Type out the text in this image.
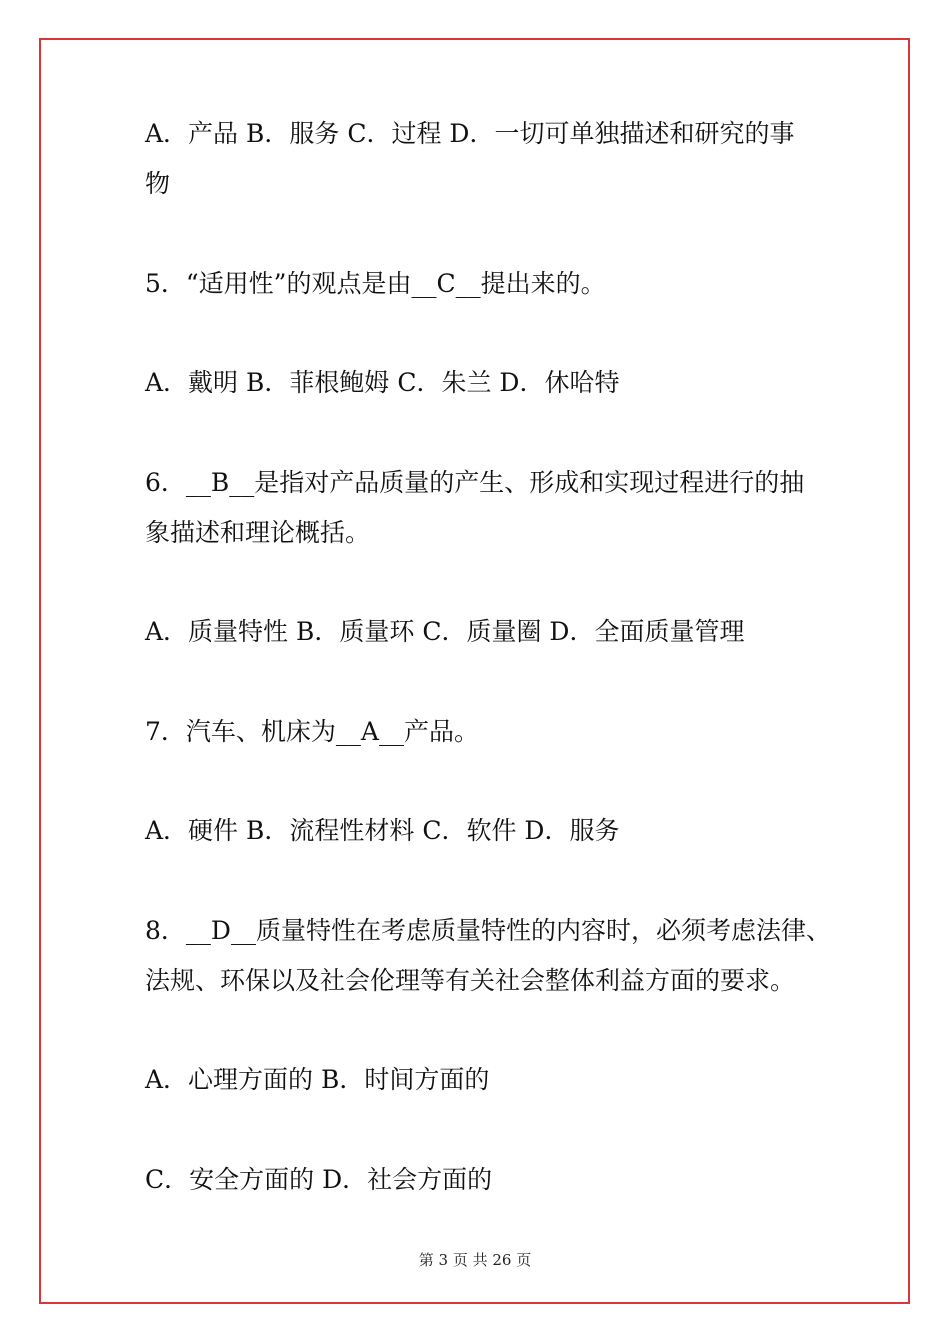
A．产品 B．服务 C．过程 D．一切可单独描述和研究的事
物
5．“适用性”的观点是由__C__提出来的。
A．戴明 B．菲根鲍姆 C．朱兰 D．休哈特
6．__B__是指对产品质量的产生、形成和实现过程进行的抽
象描述和理论概括。
A．质量特性 B．质量环 C．质量圈 D．全面质量管理
7．汽车、机床为__A__产品。
A．硬件 B．流程性材料 C．软件 D．服务
8．__D__质量特性在考虑质量特性的内容时，必须考虑法律、
法规、环保以及社会伦理等有关社会整体利益方面的要求。
A．心理方面的 B．时间方面的
C．安全方面的 D．社会方面的
第 3 页 共 26 页
